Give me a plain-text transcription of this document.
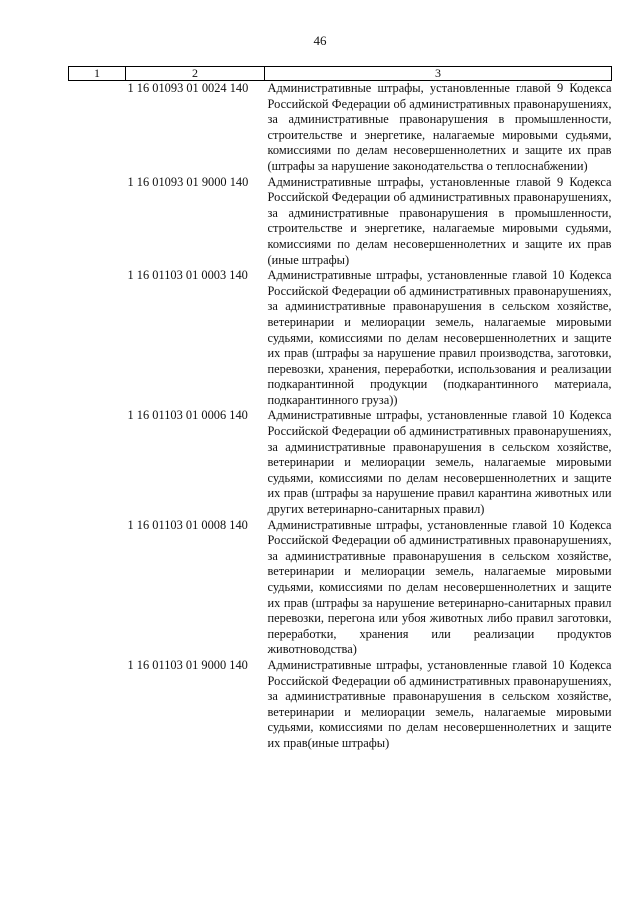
46
1	2	3
	1 16 01093 01 0024 140	Административные штрафы, установленные главой 9 Кодекса Российской Федерации об административных правонарушениях, за административные правонарушения в промышленности, строительстве и энергетике, налагаемые мировыми судьями, комиссиями по делам несовершеннолетних и защите их прав (штрафы за нарушение законодательства о теплоснабжении)
	1 16 01093 01 9000 140	Административные штрафы, установленные главой 9 Кодекса Российской Федерации об административных правонарушениях, за административные правонарушения в промышленности, строительстве и энергетике, налагаемые мировыми судьями, комиссиями по делам несовершеннолетних и защите их прав (иные штрафы)
	1 16 01103 01 0003 140	Административные штрафы, установленные главой 10 Кодекса Российской Федерации об административных правонарушениях, за административные правонарушения в сельском хозяйстве, ветеринарии и мелиорации земель, налагаемые мировыми судьями, комиссиями по делам несовершеннолетних и защите их прав (штрафы за нарушение правил производства, заготовки, перевозки, хранения, переработки, использования и реализации подкарантинной продукции (подкарантинного материала, подкарантинного груза))
	1 16 01103 01 0006 140	Административные штрафы, установленные главой 10 Кодекса Российской Федерации об административных правонарушениях, за административные правонарушения в сельском хозяйстве, ветеринарии и мелиорации земель, налагаемые мировыми судьями, комиссиями по делам несовершеннолетних и защите их прав (штрафы за нарушение правил карантина животных или других ветеринарно-санитарных правил)
	1 16 01103 01 0008 140	Административные штрафы, установленные главой 10 Кодекса Российской Федерации об административных правонарушениях, за административные правонарушения в сельском хозяйстве, ветеринарии и мелиорации земель, налагаемые мировыми судьями, комиссиями по делам несовершеннолетних и защите их прав (штрафы за нарушение ветеринарно-санитарных правил перевозки, перегона или убоя животных либо правил заготовки, переработки, хранения или реализации продуктов животноводства)
	1 16 01103 01 9000 140	Административные штрафы, установленные главой 10 Кодекса Российской Федерации об административных правонарушениях, за административные правонарушения в сельском хозяйстве, ветеринарии и мелиорации земель, налагаемые мировыми судьями, комиссиями по делам несовершеннолетних и защите их прав(иные штрафы)
